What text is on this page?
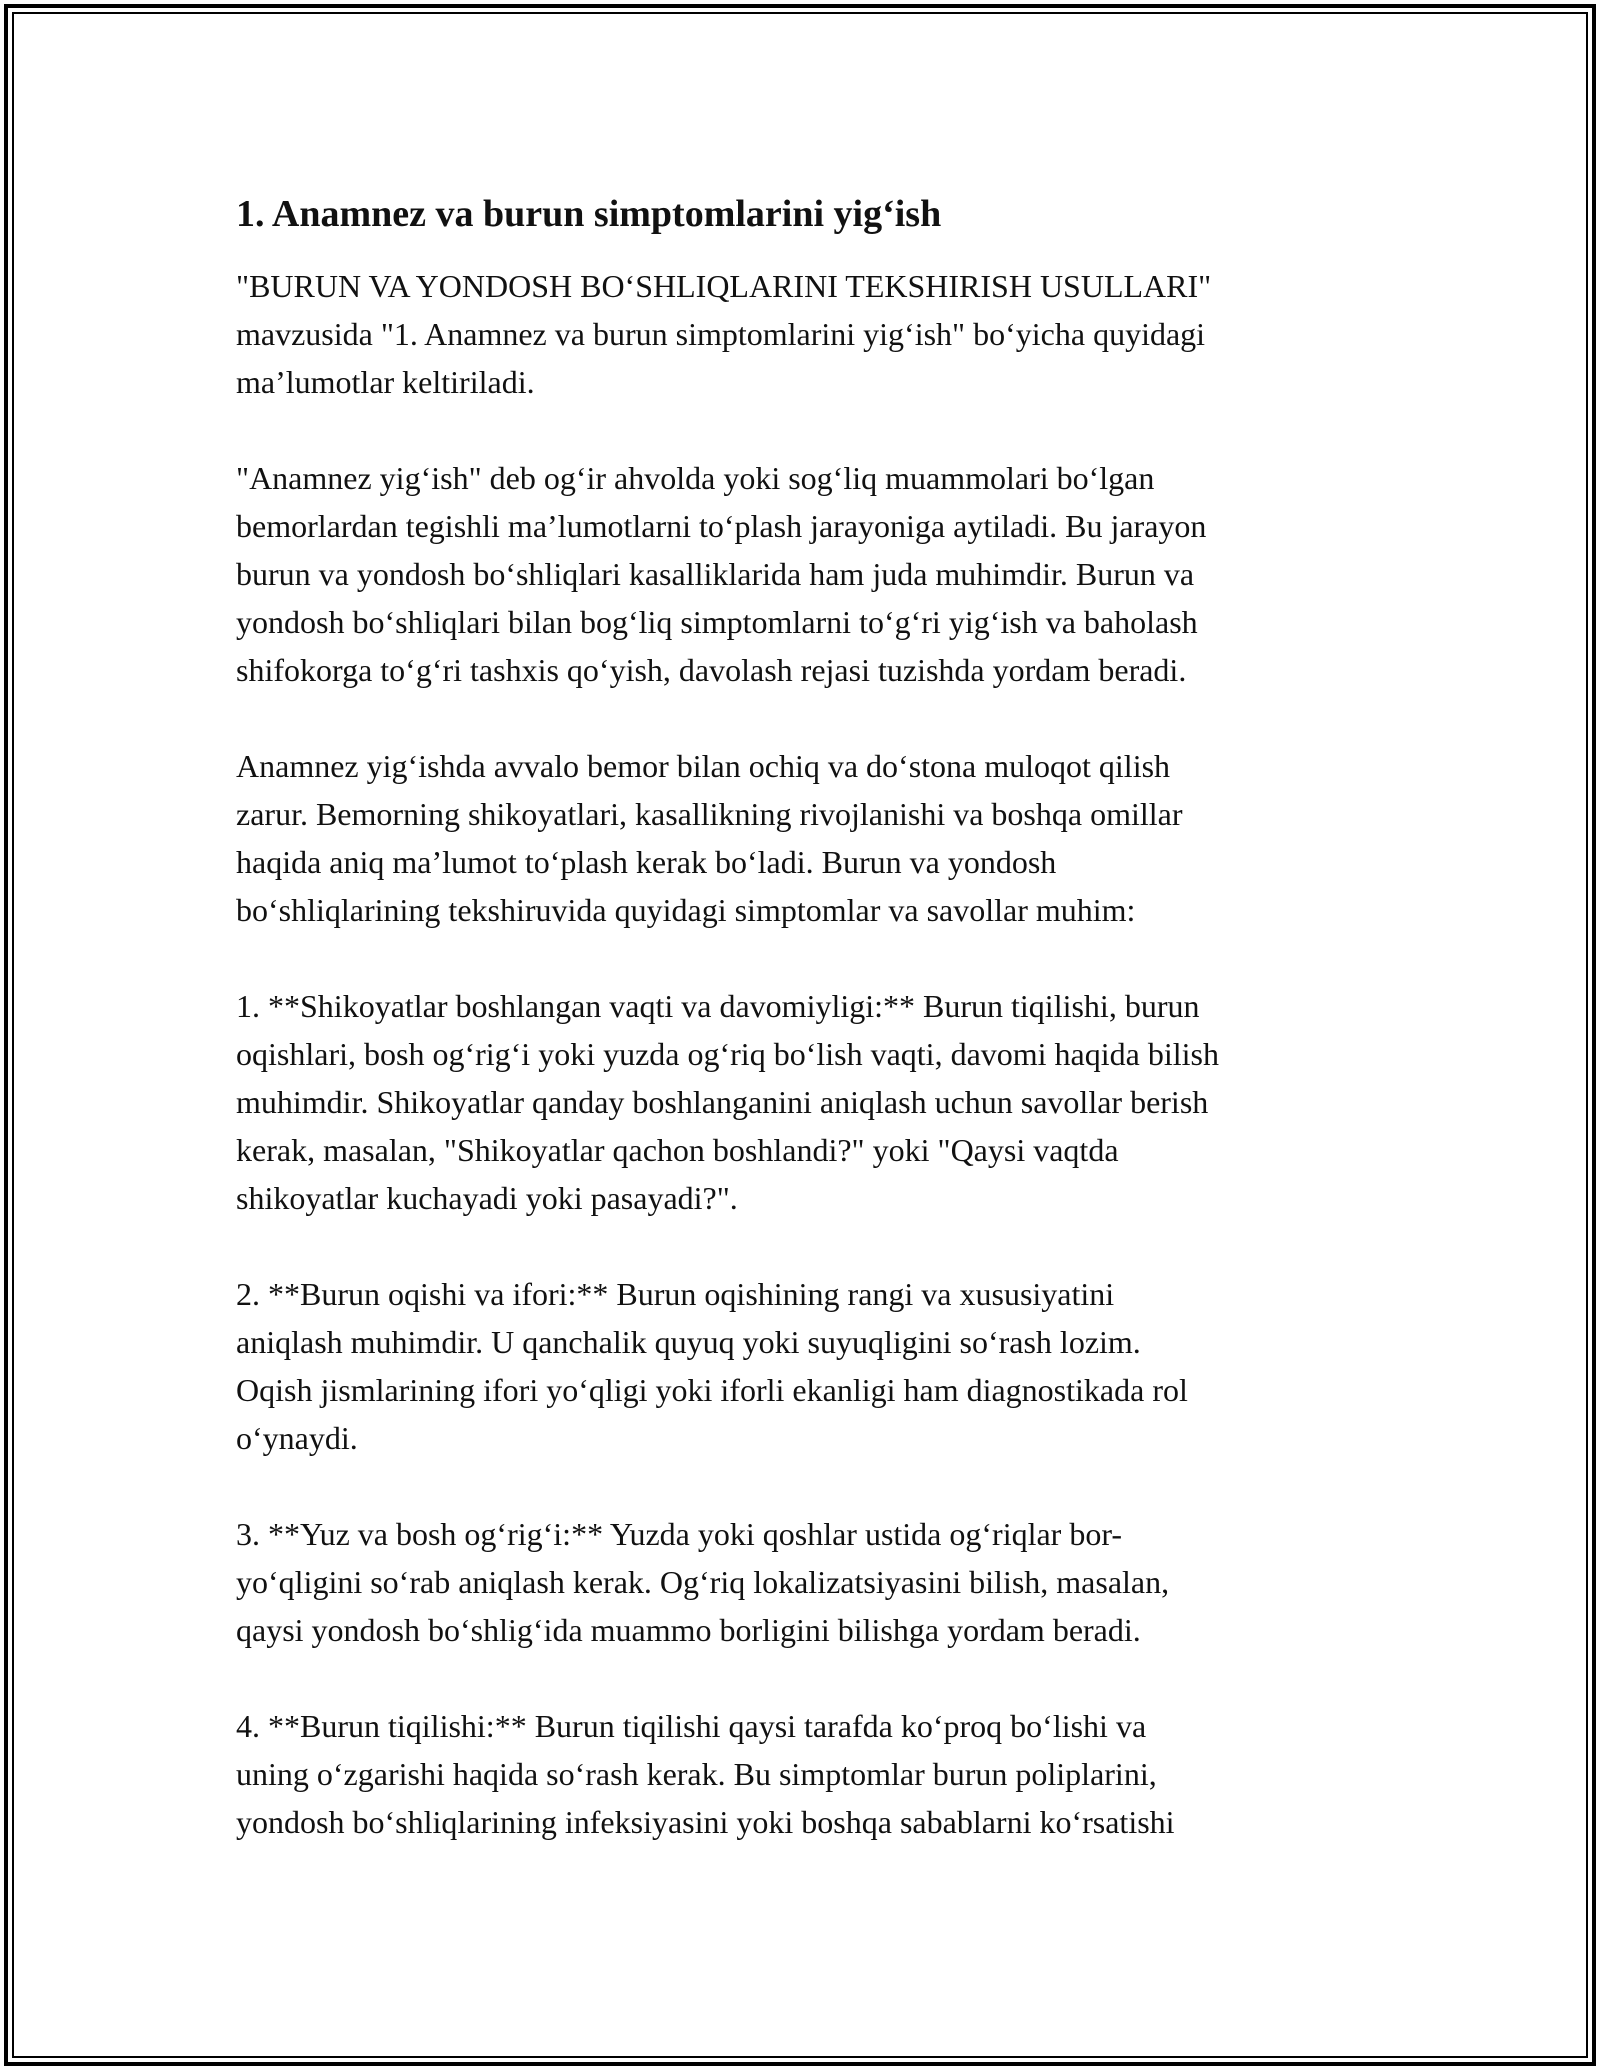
1. Anamnez va burun simptomlarini yig‘ish

"BURUN VA YONDOSH BO‘SHLIQLARINI TEKSHIRISH USULLARI"
mavzusida "1. Anamnez va burun simptomlarini yig‘ish" bo‘yicha quyidagi
ma’lumotlar keltiriladi.

"Anamnez yig‘ish" deb og‘ir ahvolda yoki sog‘liq muammolari bo‘lgan
bemorlardan tegishli ma’lumotlarni to‘plash jarayoniga aytiladi. Bu jarayon
burun va yondosh bo‘shliqlari kasalliklarida ham juda muhimdir. Burun va
yondosh bo‘shliqlari bilan bog‘liq simptomlarni to‘g‘ri yig‘ish va baholash
shifokorga to‘g‘ri tashxis qo‘yish, davolash rejasi tuzishda yordam beradi.

Anamnez yig‘ishda avvalo bemor bilan ochiq va do‘stona muloqot qilish
zarur. Bemorning shikoyatlari, kasallikning rivojlanishi va boshqa omillar
haqida aniq ma’lumot to‘plash kerak bo‘ladi. Burun va yondosh
bo‘shliqlarining tekshiruvida quyidagi simptomlar va savollar muhim:

1. **Shikoyatlar boshlangan vaqti va davomiyligi:** Burun tiqilishi, burun
oqishlari, bosh og‘rig‘i yoki yuzda og‘riq bo‘lish vaqti, davomi haqida bilish
muhimdir. Shikoyatlar qanday boshlanganini aniqlash uchun savollar berish
kerak, masalan, "Shikoyatlar qachon boshlandi?" yoki "Qaysi vaqtda
shikoyatlar kuchayadi yoki pasayadi?".

2. **Burun oqishi va ifori:** Burun oqishining rangi va xususiyatini
aniqlash muhimdir. U qanchalik quyuq yoki suyuqligini so‘rash lozim.
Oqish jismlarining ifori yo‘qligi yoki iforli ekanligi ham diagnostikada rol
o‘ynaydi.

3. **Yuz va bosh og‘rig‘i:** Yuzda yoki qoshlar ustida og‘riqlar bor-
yo‘qligini so‘rab aniqlash kerak. Og‘riq lokalizatsiyasini bilish, masalan,
qaysi yondosh bo‘shlig‘ida muammo borligini bilishga yordam beradi.

4. **Burun tiqilishi:** Burun tiqilishi qaysi tarafda ko‘proq bo‘lishi va
uning o‘zgarishi haqida so‘rash kerak. Bu simptomlar burun poliplarini,
yondosh bo‘shliqlarining infeksiyasini yoki boshqa sabablarni ko‘rsatishi
